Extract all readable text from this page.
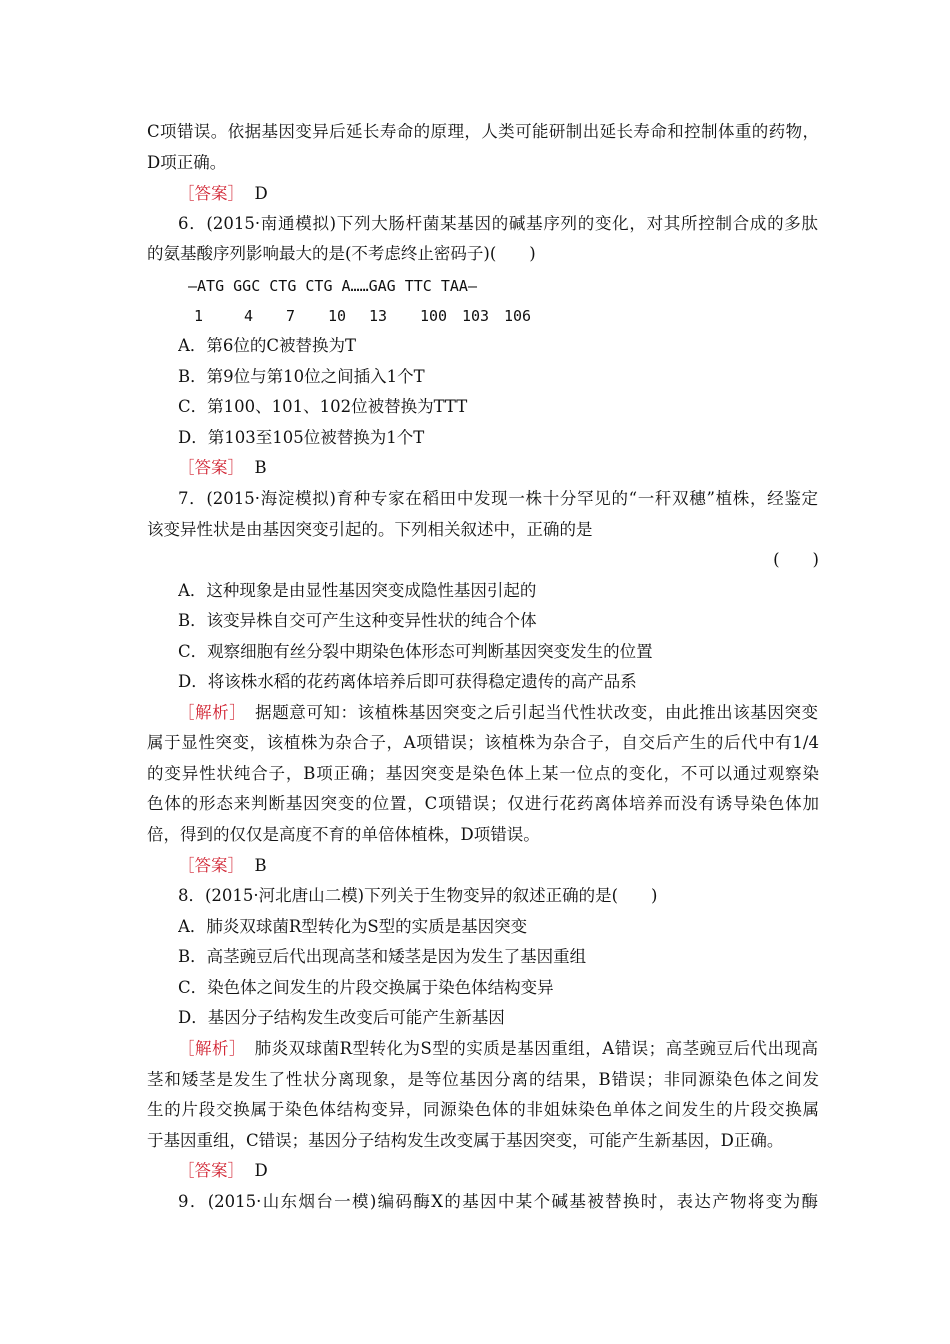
C项错误。依据基因变异后延长寿命的原理，人类可能研制出延长寿命和控制体重的药物，
D项正确。
［答案］ D
6．(2015·南通模拟)下列大肠杆菌某基因的碱基序列的变化，对其所控制合成的多肽
的氨基酸序列影响最大的是(不考虑终止密码子)(　　)
—ATG GGC CTG CTG A……GAG TTC TAA—
1	4 7 10 13 100 103 106
A．第6位的C被替换为T
B．第9位与第10位之间插入1个T
C．第100、101、102位被替换为TTT
D．第103至105位被替换为1个T
［答案］ B
7．(2015·海淀模拟)育种专家在稻田中发现一株十分罕见的“一秆双穗”植株，经鉴定
该变异性状是由基因突变引起的。下列相关叙述中，正确的是
(　　)
A．这种现象是由显性基因突变成隐性基因引起的
B．该变异株自交可产生这种变异性状的纯合个体
C．观察细胞有丝分裂中期染色体形态可判断基因突变发生的位置
D．将该株水稻的花药离体培养后即可获得稳定遗传的高产品系
［解析］　据题意可知：该植株基因突变之后引起当代性状改变，由此推出该基因突变
属于显性突变，该植株为杂合子，A项错误；该植株为杂合子，自交后产生的后代中有1/4
的变异性状纯合子，B项正确；基因突变是染色体上某一位点的变化，不可以通过观察染
色体的形态来判断基因突变的位置，C项错误；仅进行花药离体培养而没有诱导染色体加
倍，得到的仅仅是高度不育的单倍体植株，D项错误。
［答案］ B
8．(2015·河北唐山二模)下列关于生物变异的叙述正确的是(　　)
A．肺炎双球菌R型转化为S型的实质是基因突变
B．高茎豌豆后代出现高茎和矮茎是因为发生了基因重组
C．染色体之间发生的片段交换属于染色体结构变异
D．基因分子结构发生改变后可能产生新基因
［解析］　肺炎双球菌R型转化为S型的实质是基因重组，A错误；高茎豌豆后代出现高
茎和矮茎是发生了性状分离现象，是等位基因分离的结果，B错误；非同源染色体之间发
生的片段交换属于染色体结构变异，同源染色体的非姐妹染色单体之间发生的片段交换属
于基因重组，C错误；基因分子结构发生改变属于基因突变，可能产生新基因，D正确。
［答案］ D
9．(2015·山东烟台一模)编码酶X的基因中某个碱基被替换时，表达产物将变为酶
